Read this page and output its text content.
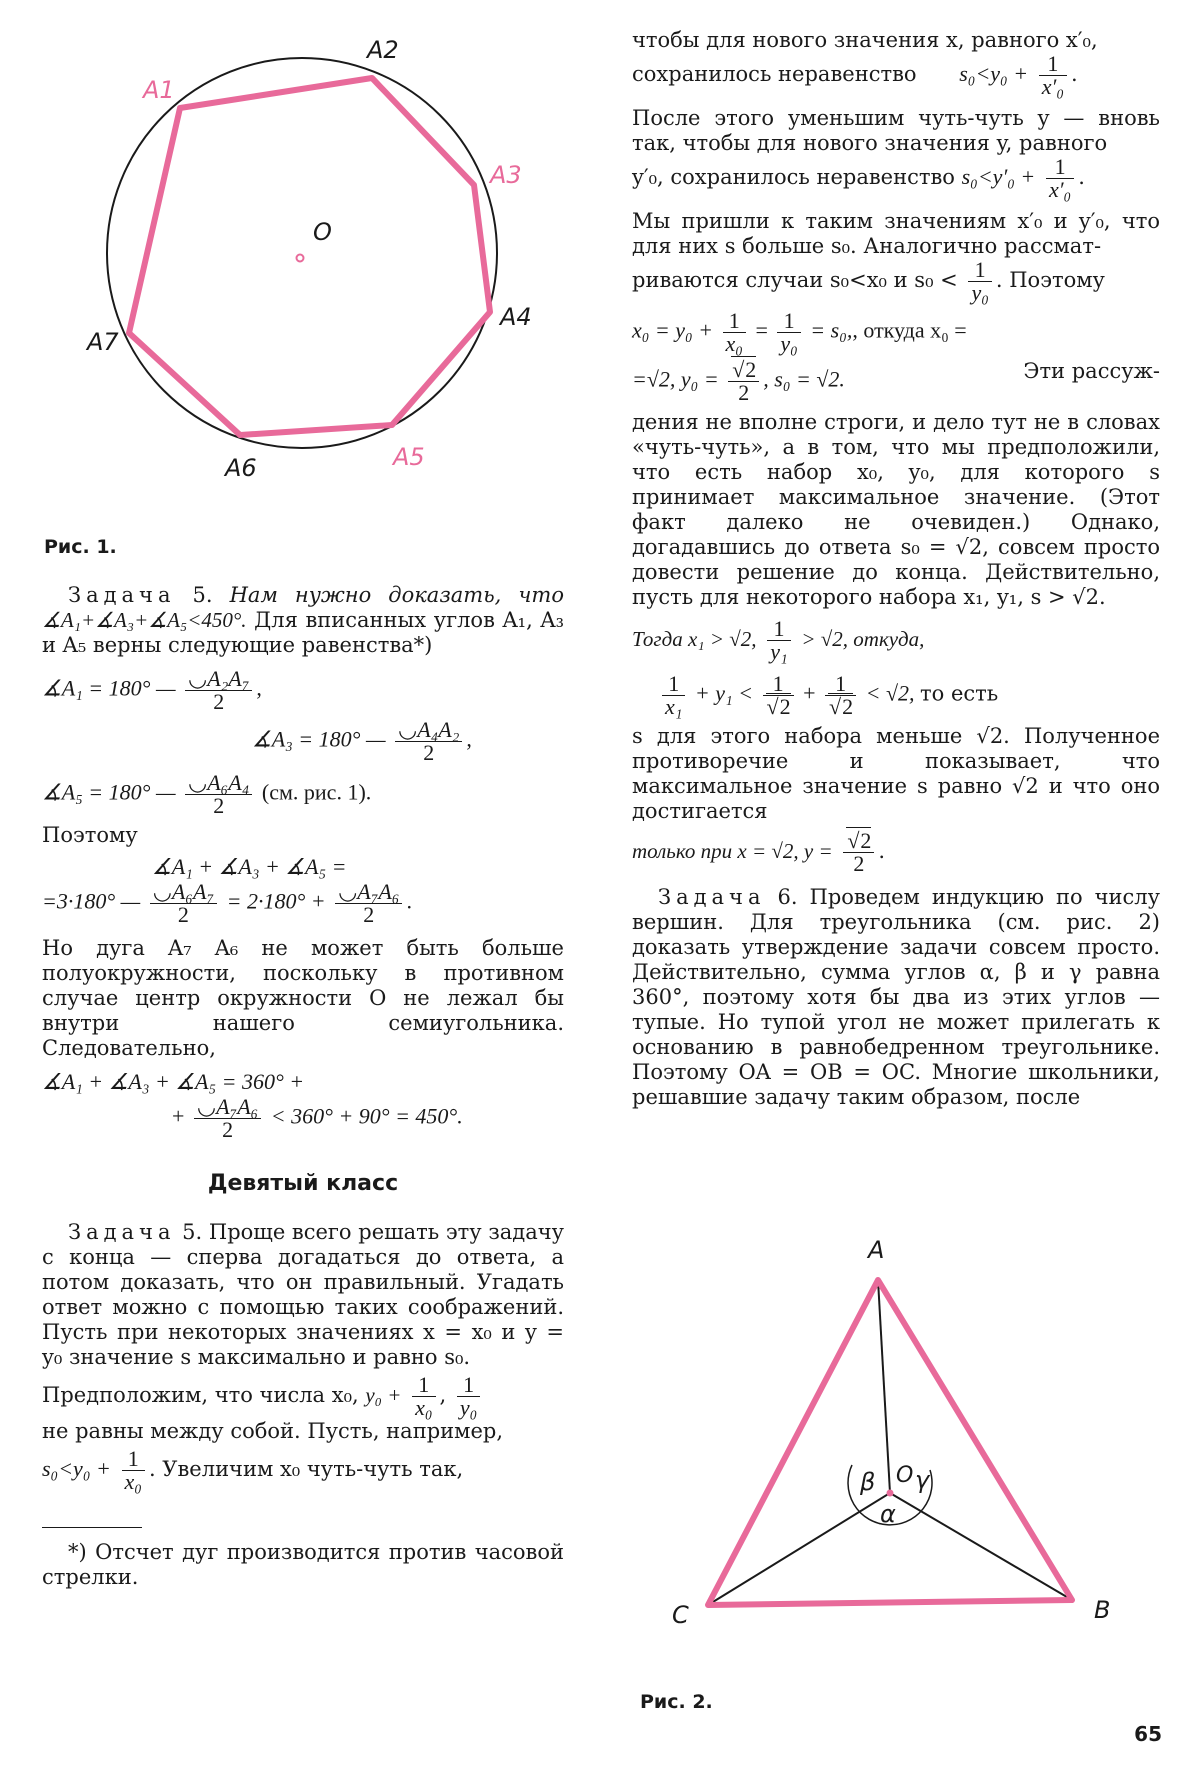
A1
A2
A3
A4
A5
A6
A7
O
Рис. 1.

Задача 5. Нам нужно доказать, что ∡A₁+∡A₃+∡A₅<450°. Для вписанных углов A₁, A₃ и A₅ верны следующие равенства*)

∡A₁ = 180° — $\frac{\text{◡A₂A₇}}{2}$ ,
∡A₃ = 180° — $\frac{\text{◡A₄A₂}}{2}$ ,
∡A₅ = 180° — $\frac{\text{◡A₆A₄}}{2} (см$. рис. 1).

Поэтому

∡A₁ + ∡A₃ + ∡A₅ =
=3·180° — $\frac{\text{◡A₆A₇}}{2} = 2\cdot 180^\circ + \frac{\text{◡A₇A₆}}{2}$ .

Но дуга A₇ A₆ не может быть больше полуокружности, поскольку в противном случае центр окружности O не лежал бы внутри нашего семиугольника. Следовательно,

∡A₁ + ∡A₃ + ∡A₅ = 360° +
+ $\frac{\text{◡A₇A₆}}{2} < 360^\circ + 90^\circ = 450^\circ$.
Девятый класс

Задача 5. Проще всего решать эту задачу с конца — сперва догадаться до ответа, а потом доказать, что он правильный. Угадать ответ можно с помощью таких соображений. Пусть при некоторых значениях x = x₀ и y = y₀ значение s максимально и равно s₀.

Предположим, что числа x₀, $y_0 + \frac{1}{\text{x₀}}$ , $\frac{1}{\text{y₀}}$

не равны между собой. Пусть, например,

$s_0<y_0 + \frac{1}{\text{x₀}}$ . Увеличим x₀ чуть-чуть так,

*) Отсчет дуг производится против часовой стрелки.

чтобы для нового значения x, равного x′₀,

сохранилось неравенство $s_0<y_0 + \frac{1}{\text{x′₀}}$ .

После этого уменьшим чуть-чуть y — вновь так, чтобы для нового значения y, равного

y′₀, сохранилось неравенство $s_0<y'_0 + \frac{1}{\text{x′₀}}$ .

Мы пришли к таким значениям x′₀ и y′₀, что для них s больше s₀. Аналогично рассмат-

риваются случаи s₀<x₀ и $s_0 < \frac{1}{\text{y₀}}$ . Поэтому

$x_0 = y_0 + \frac{1}{\text{x₀}} = \frac{1}{\text{y₀}} = s_0$,, откуда x₀ =

=√2, y₀ = √ $\frac{2}{2}$ , s₀ = √2.	Эти рассуж-

дения не вполне строги, и дело тут не в словах «чуть-чуть», а в том, что мы предположили, что есть набор x₀, y₀, для которого s принимает максимальное значение. (Этот факт далеко не очевиден.) Однако, догадавшись до ответа s₀ = √2, совсем просто довести решение до конца. Действительно, пусть для некоторого набора x₁, y₁, s > √2.

Тогда x₁ > √2, $\frac{1}{\text{y₁}} > √2$, откуда,

$\frac{1}{\text{x₁}} + y_1 < 1$
√ 2 + 1
√ 2 < √2, то есть

s для этого набора меньше √2. Полученное противоречие и показывает, что максимальное значение s равно √2 и что оно достигается

только при x = √2, y = √ $\frac{2}{2}$ .

Задача 6. Проведем индукцию по числу вершин. Для треугольника (см. рис. 2) доказать утверждение задачи совсем просто. Действительно, сумма углов α, β и γ равна 360°, поэтому хотя бы два из этих углов — тупые. Но тупой угол не может прилегать к основанию в равнобедренном треугольнике. Поэтому OA = OB = OC. Многие школьники, решавшие задачу таким образом, после

A
B
C
O
β γ
α
Рис. 2.
65
